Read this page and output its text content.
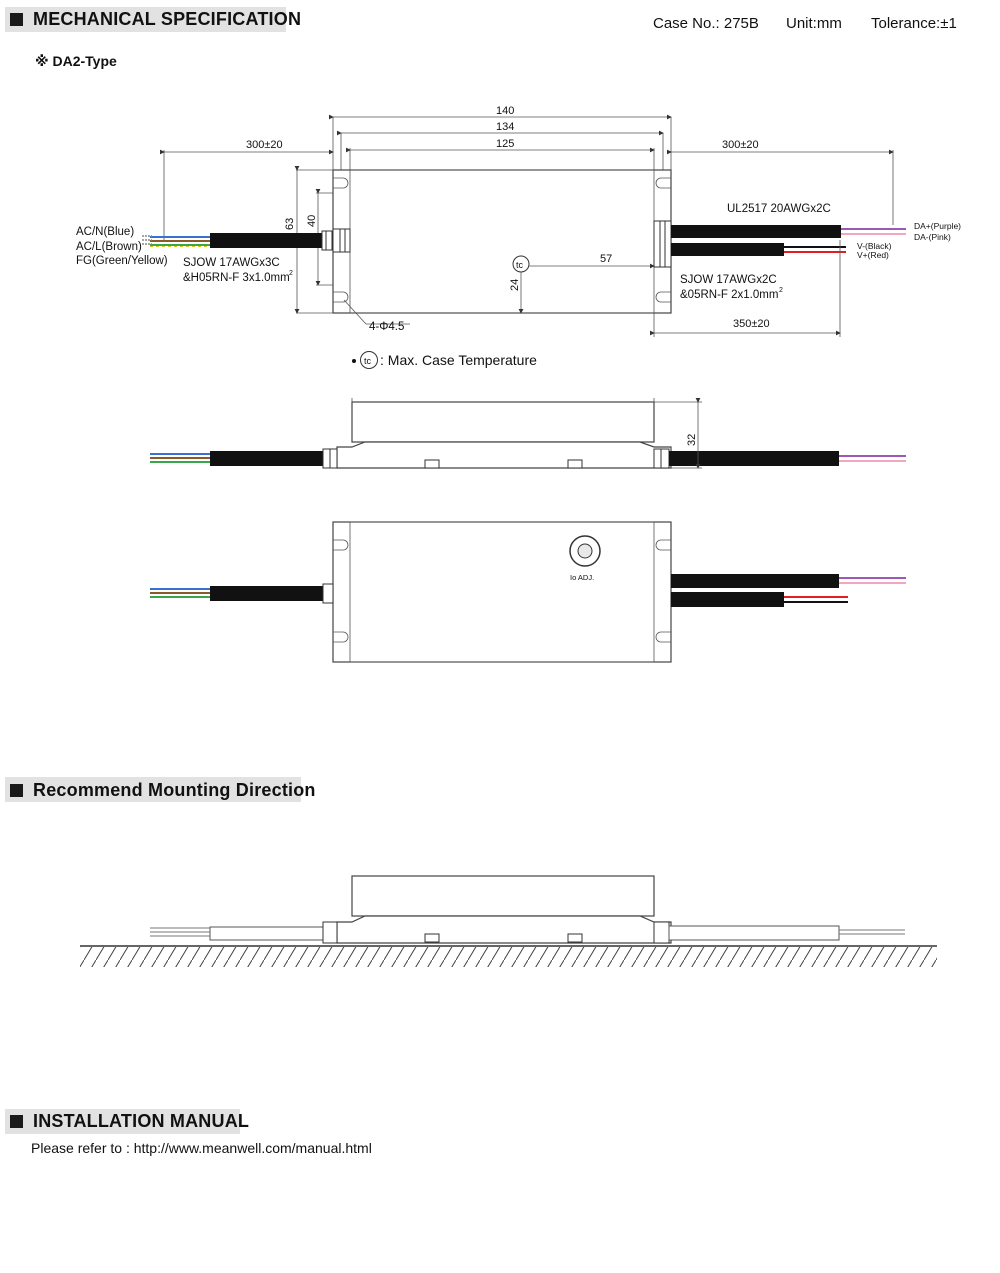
MECHANICAL SPECIFICATION	Case No.: 275B Unit:mm Tolerance:±1
※ DA2-Type
140
134
125
300±20	300±20
63 40
AC/N(Blue)
AC/L(Brown)
FG(Green/Yellow) SJOW 17AWGx3C
&H05RN-F 3x1.0mm 2
UL2517 20AWGx2C
DA+(Purple)
DA-(Pink)
V-(Black)
V+(Red)
SJOW 17AWGx2C
&05RN-F 2x1.0mm 2
350±20
tc	57
24
4-Φ4.5
tc : Max. Case Temperature
32
Io ADJ.
Recommend Mounting Direction
INSTALLATION MANUAL
Please refer to : http://www.meanwell.com/manual.html
